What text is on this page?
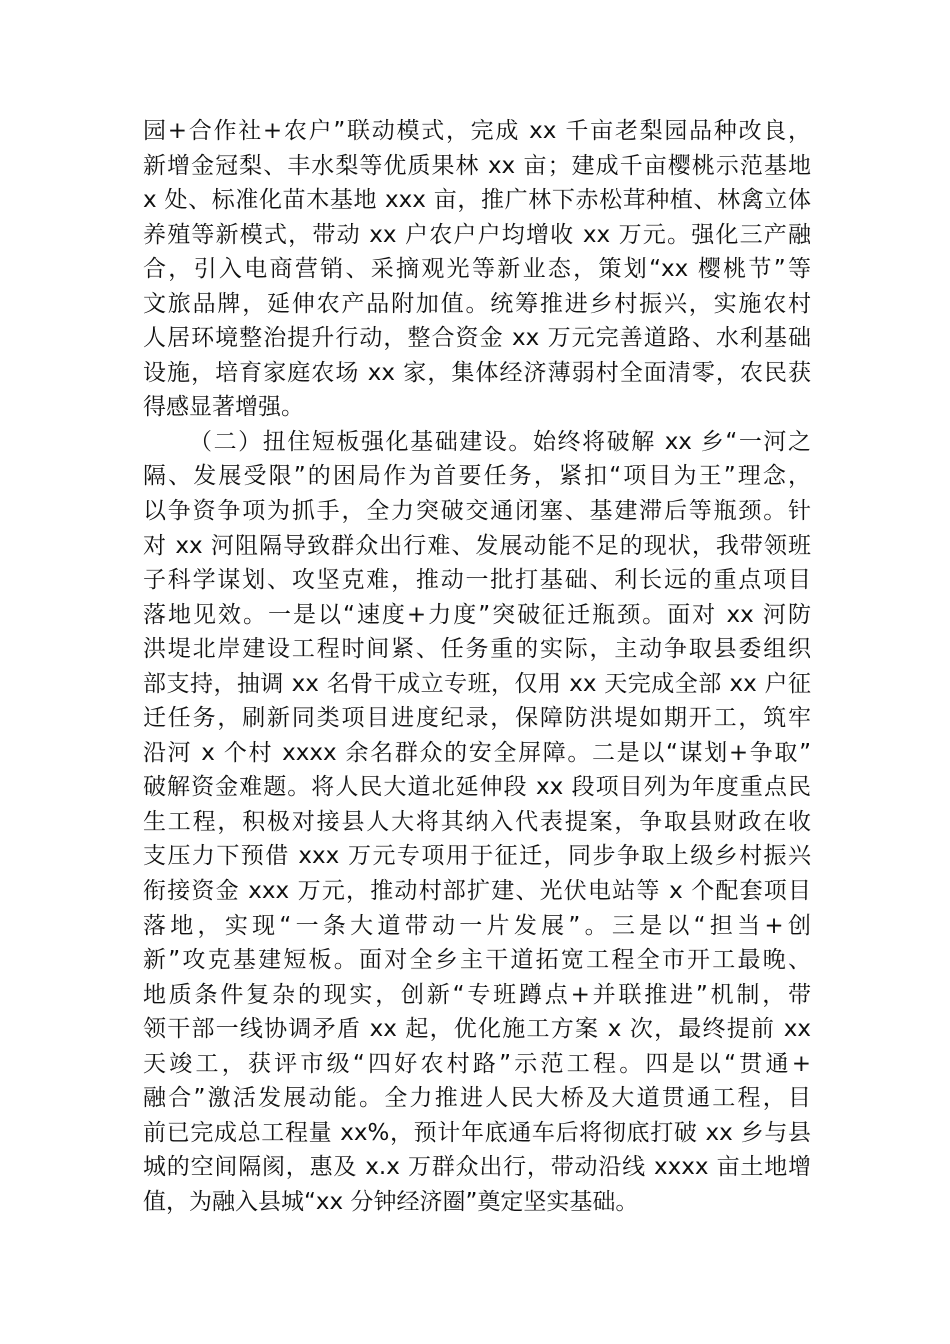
园+合作社+农户”联动模式，完成 xx 千亩老梨园品种改良，
新增金冠梨、丰水梨等优质果林 xx 亩；建成千亩樱桃示范基地
x 处、标准化苗木基地 xxx 亩，推广林下赤松茸种植、林禽立体
养殖等新模式，带动 xx 户农户户均增收 xx 万元。强化三产融
合，引入电商营销、采摘观光等新业态，策划“xx 樱桃节”等
文旅品牌，延伸农产品附加值。统筹推进乡村振兴，实施农村
人居环境整治提升行动，整合资金 xx 万元完善道路、水利基础
设施，培育家庭农场 xx 家，集体经济薄弱村全面清零，农民获
得感显著增强。
（二）扭住短板强化基础建设。始终将破解 xx 乡“一河之
隔、发展受限”的困局作为首要任务，紧扣“项目为王”理念，
以争资争项为抓手，全力突破交通闭塞、基建滞后等瓶颈。针
对 xx 河阻隔导致群众出行难、发展动能不足的现状，我带领班
子科学谋划、攻坚克难，推动一批打基础、利长远的重点项目
落地见效。一是以“速度+力度”突破征迁瓶颈。面对 xx 河防
洪堤北岸建设工程时间紧、任务重的实际，主动争取县委组织
部支持，抽调 xx 名骨干成立专班，仅用 xx 天完成全部 xx 户征
迁任务，刷新同类项目进度纪录，保障防洪堤如期开工，筑牢
沿河 x 个村 xxxx 余名群众的安全屏障。二是以“谋划+争取”
破解资金难题。将人民大道北延伸段 xx 段项目列为年度重点民
生工程，积极对接县人大将其纳入代表提案，争取县财政在收
支压力下预借 xxx 万元专项用于征迁，同步争取上级乡村振兴
衔接资金 xxx 万元，推动村部扩建、光伏电站等 x 个配套项目
落地，实现“一条大道带动一片发展”。三是以“担当+创
新”攻克基建短板。面对全乡主干道拓宽工程全市开工最晚、
地质条件复杂的现实，创新“专班蹲点+并联推进”机制，带
领干部一线协调矛盾 xx 起，优化施工方案 x 次，最终提前 xx
天竣工，获评市级“四好农村路”示范工程。四是以“贯通+
融合”激活发展动能。全力推进人民大桥及大道贯通工程，目
前已完成总工程量 xx%，预计年底通车后将彻底打破 xx 乡与县
城的空间隔阂，惠及 x.x 万群众出行，带动沿线 xxxx 亩土地增
值，为融入县城“xx 分钟经济圈”奠定坚实基础。
